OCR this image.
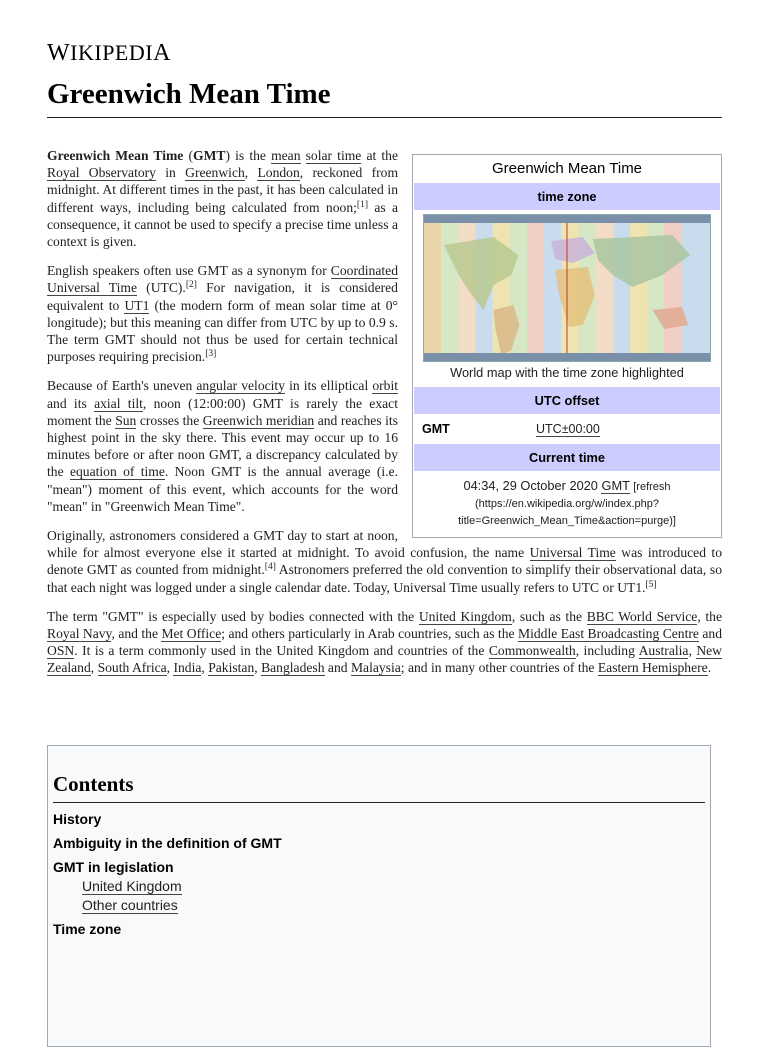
WIKIPEDIA
Greenwich Mean Time
Greenwich Mean Time
time zone
World map with the time zone highlighted
UTC offset
GMT	UTC±00:00
Current time
04:34, 29 October 2020 GMT [refresh (https://en.wikipedia.org/w/index.php?title=Greenwich_Mean_Time&action=purge)]

Greenwich Mean Time (GMT) is the mean solar time at the Royal Observatory in Greenwich, London, reckoned from midnight. At different times in the past, it has been calculated in different ways, including being calculated from noon;[1] as a consequence, it cannot be used to specify a precise time unless a context is given.

English speakers often use GMT as a synonym for Coordinated Universal Time (UTC).[2] For navigation, it is considered equivalent to UT1 (the modern form of mean solar time at 0° longitude); but this meaning can differ from UTC by up to 0.9 s. The term GMT should not thus be used for certain technical purposes requiring precision.[3]

Because of Earth's uneven angular velocity in its elliptical orbit and its axial tilt, noon (12:00:00) GMT is rarely the exact moment the Sun crosses the Greenwich meridian and reaches its highest point in the sky there. This event may occur up to 16 minutes before or after noon GMT, a discrepancy calculated by the equation of time. Noon GMT is the annual average (i.e. "mean") moment of this event, which accounts for the word "mean" in "Greenwich Mean Time".

Originally, astronomers considered a GMT day to start at noon, while for almost everyone else it started at midnight. To avoid confusion, the name Universal Time was introduced to denote GMT as counted from midnight.[4] Astronomers preferred the old convention to simplify their observational data, so that each night was logged under a single calendar date. Today, Universal Time usually refers to UTC or UT1.[5]

The term "GMT" is especially used by bodies connected with the United Kingdom, such as the BBC World Service, the Royal Navy, and the Met Office; and others particularly in Arab countries, such as the Middle East Broadcasting Centre and OSN. It is a term commonly used in the United Kingdom and countries of the Commonwealth, including Australia, New Zealand, South Africa, India, Pakistan, Bangladesh and Malaysia; and in many other countries of the Eastern Hemisphere.

Contents
History
Ambiguity in the definition of GMT
GMT in legislation
United Kingdom
Other countries
Time zone
